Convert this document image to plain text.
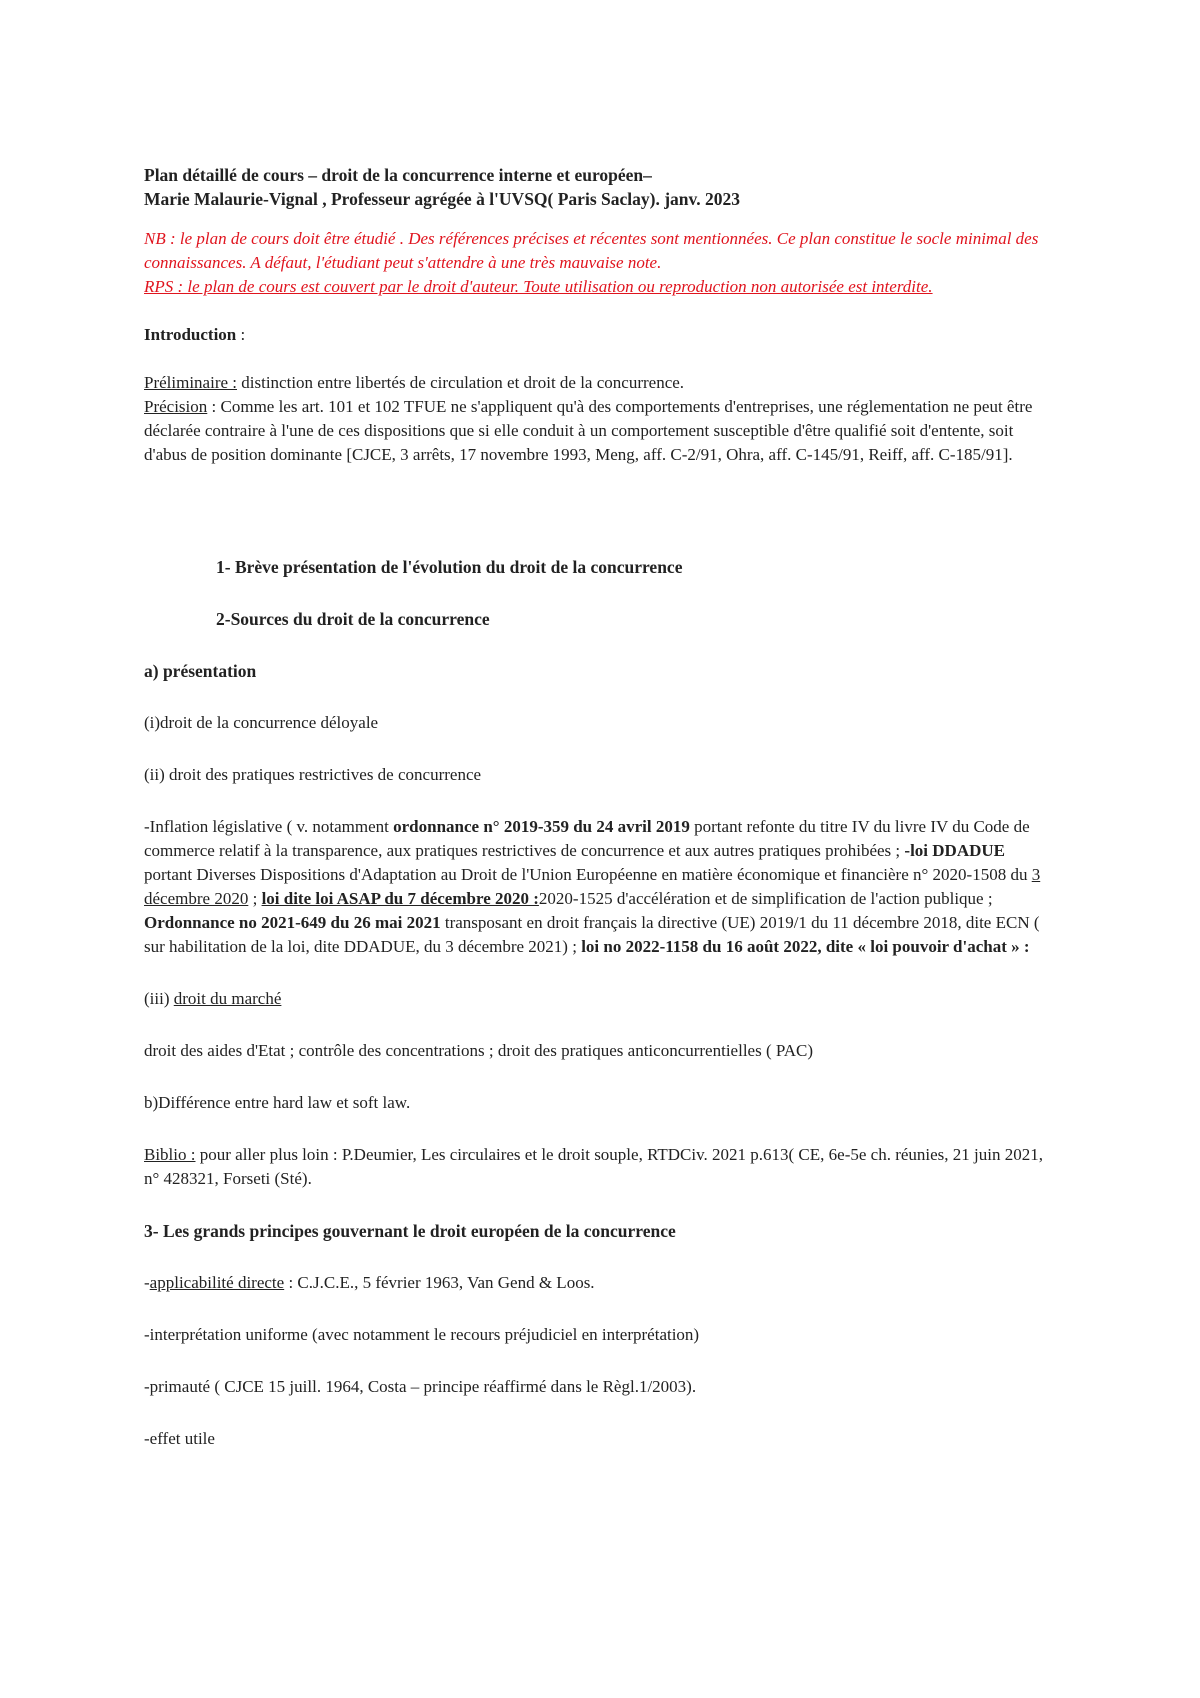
Plan détaillé de cours – droit de la concurrence interne et européen–

Marie Malaurie-Vignal , Professeur agrégée à l'UVSQ( Paris Saclay). janv. 2023

NB : le plan de cours doit être étudié . Des références précises et récentes sont mentionnées. Ce plan constitue le socle minimal des connaissances. A défaut, l'étudiant peut s'attendre à une très mauvaise note.

RPS : le plan de cours est couvert par le droit d'auteur. Toute utilisation ou reproduction non autorisée est interdite.

Introduction :

Préliminaire : distinction entre libertés de circulation et droit de la concurrence.

Précision : Comme les art. 101 et 102 TFUE ne s'appliquent qu'à des comportements d'entreprises, une réglementation ne peut être déclarée contraire à l'une de ces dispositions que si elle conduit à un comportement susceptible d'être qualifié soit d'entente, soit d'abus de position dominante [CJCE, 3 arrêts, 17 novembre 1993, Meng, aff. C-2/91, Ohra, aff. C-145/91, Reiff, aff. C-185/91].

1- Brève présentation de l'évolution du droit de la concurrence

2-Sources du droit de la concurrence

a) présentation

(i)droit de la concurrence déloyale

(ii) droit des pratiques restrictives de concurrence

-Inflation législative ( v. notamment ordonnance n° 2019-359 du 24 avril 2019 portant refonte du titre IV du livre IV du Code de commerce relatif à la transparence, aux pratiques restrictives de concurrence et aux autres pratiques prohibées ; -loi DDADUE portant Diverses Dispositions d'Adaptation au Droit de l'Union Européenne en matière économique et financière n° 2020-1508 du 3 décembre 2020 ; loi dite loi ASAP du 7 décembre 2020 :2020-1525 d'accélération et de simplification de l'action publique ; Ordonnance no 2021-649 du 26 mai 2021 transposant en droit français la directive (UE) 2019/1 du 11 décembre 2018, dite ECN ( sur habilitation de la loi, dite DDADUE, du 3 décembre 2021) ; loi no 2022-1158 du 16 août 2022, dite « loi pouvoir d'achat » :

(iii) droit du marché

droit des aides d'Etat ; contrôle des concentrations ; droit des pratiques anticoncurrentielles ( PAC)

b)Différence entre hard law et soft law.

Biblio : pour aller plus loin : P.Deumier, Les circulaires et le droit souple, RTDCiv. 2021 p.613( CE, 6e-5e ch. réunies, 21 juin 2021, n° 428321, Forseti (Sté).

3- Les grands principes gouvernant le droit européen de la concurrence

-applicabilité directe : C.J.C.E., 5 février 1963, Van Gend & Loos.

-interprétation uniforme (avec notamment le recours préjudiciel en interprétation)

-primauté ( CJCE 15 juill. 1964, Costa – principe réaffirmé dans le Règl.1/2003).

-effet utile
